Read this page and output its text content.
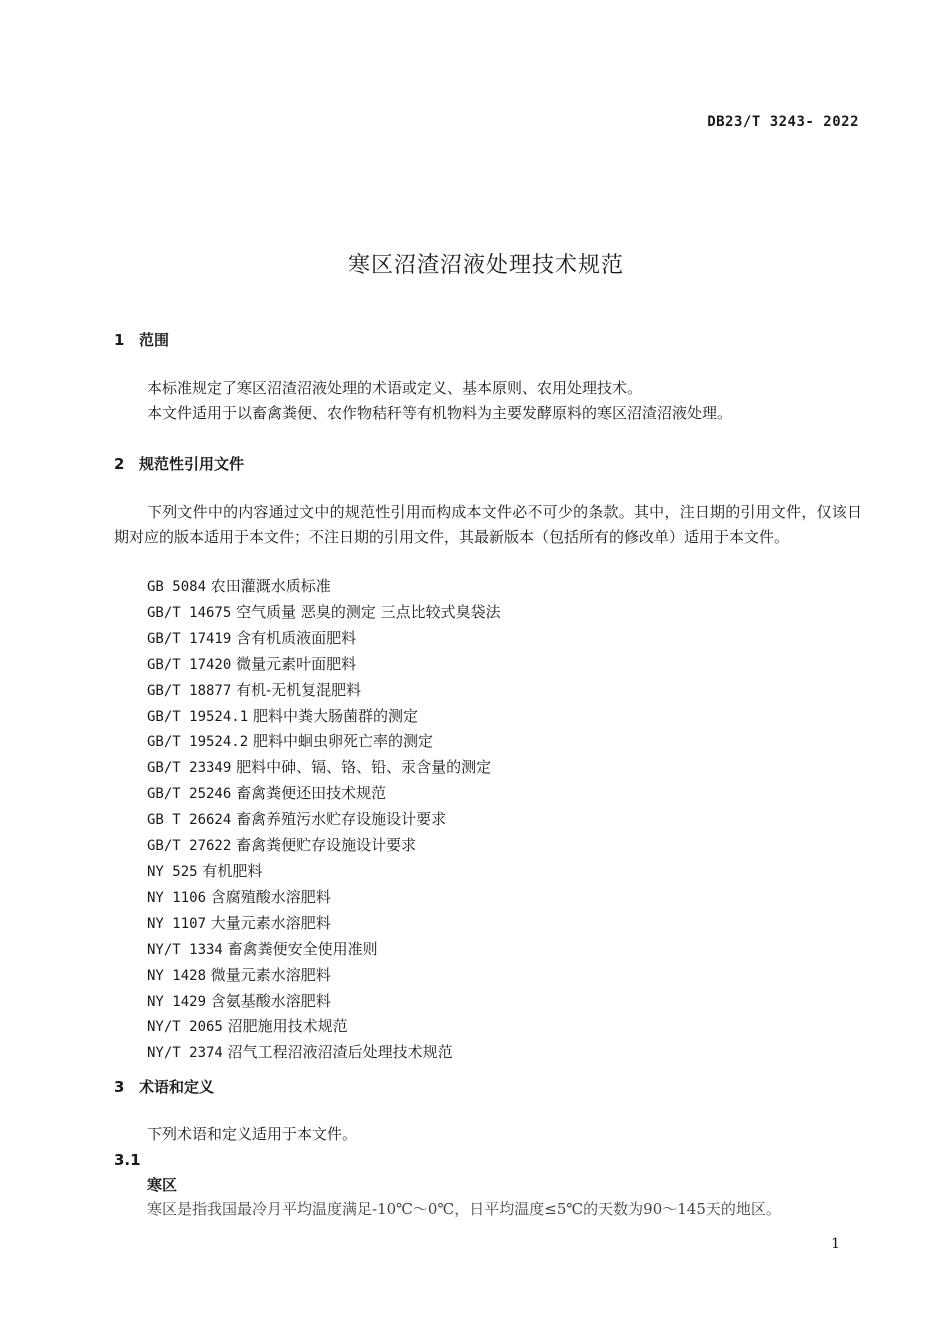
DB23/T 3243- 2022
寒区沼渣沼液处理技术规范
1 范围
本标准规定了寒区沼渣沼液处理的术语或定义、基本原则、农用处理技术。
本文件适用于以畜禽粪便、农作物秸秆等有机物料为主要发酵原料的寒区沼渣沼液处理。
2 规范性引用文件
下列文件中的内容通过文中的规范性引用而构成本文件必不可少的条款。其中，注日期的引用文件，仅该日期对应的版本适用于本文件；不注日期的引用文件，其最新版本（包括所有的修改单）适用于本文件。
GB 5084 农田灌溉水质标准
GB/T 14675 空气质量 恶臭的测定 三点比较式臭袋法
GB/T 17419 含有机质液面肥料
GB/T 17420 微量元素叶面肥料
GB/T 18877 有机-无机复混肥料
GB/T 19524.1 肥料中粪大肠菌群的测定
GB/T 19524.2 肥料中蛔虫卵死亡率的测定
GB/T 23349 肥料中砷、镉、铬、铅、汞含量的测定
GB/T 25246 畜禽粪便还田技术规范
GB T 26624 畜禽养殖污水贮存设施设计要求
GB/T 27622 畜禽粪便贮存设施设计要求
NY 525 有机肥料
NY 1106 含腐殖酸水溶肥料
NY 1107 大量元素水溶肥料
NY/T 1334 畜禽粪便安全使用准则
NY 1428 微量元素水溶肥料
NY 1429 含氨基酸水溶肥料
NY/T 2065 沼肥施用技术规范
NY/T 2374 沼气工程沼液沼渣后处理技术规范
3 术语和定义
下列术语和定义适用于本文件。
3.1
寒区
寒区是指我国最冷月平均温度满足-10℃～0℃，日平均温度≤5℃的天数为90～145天的地区。
1
